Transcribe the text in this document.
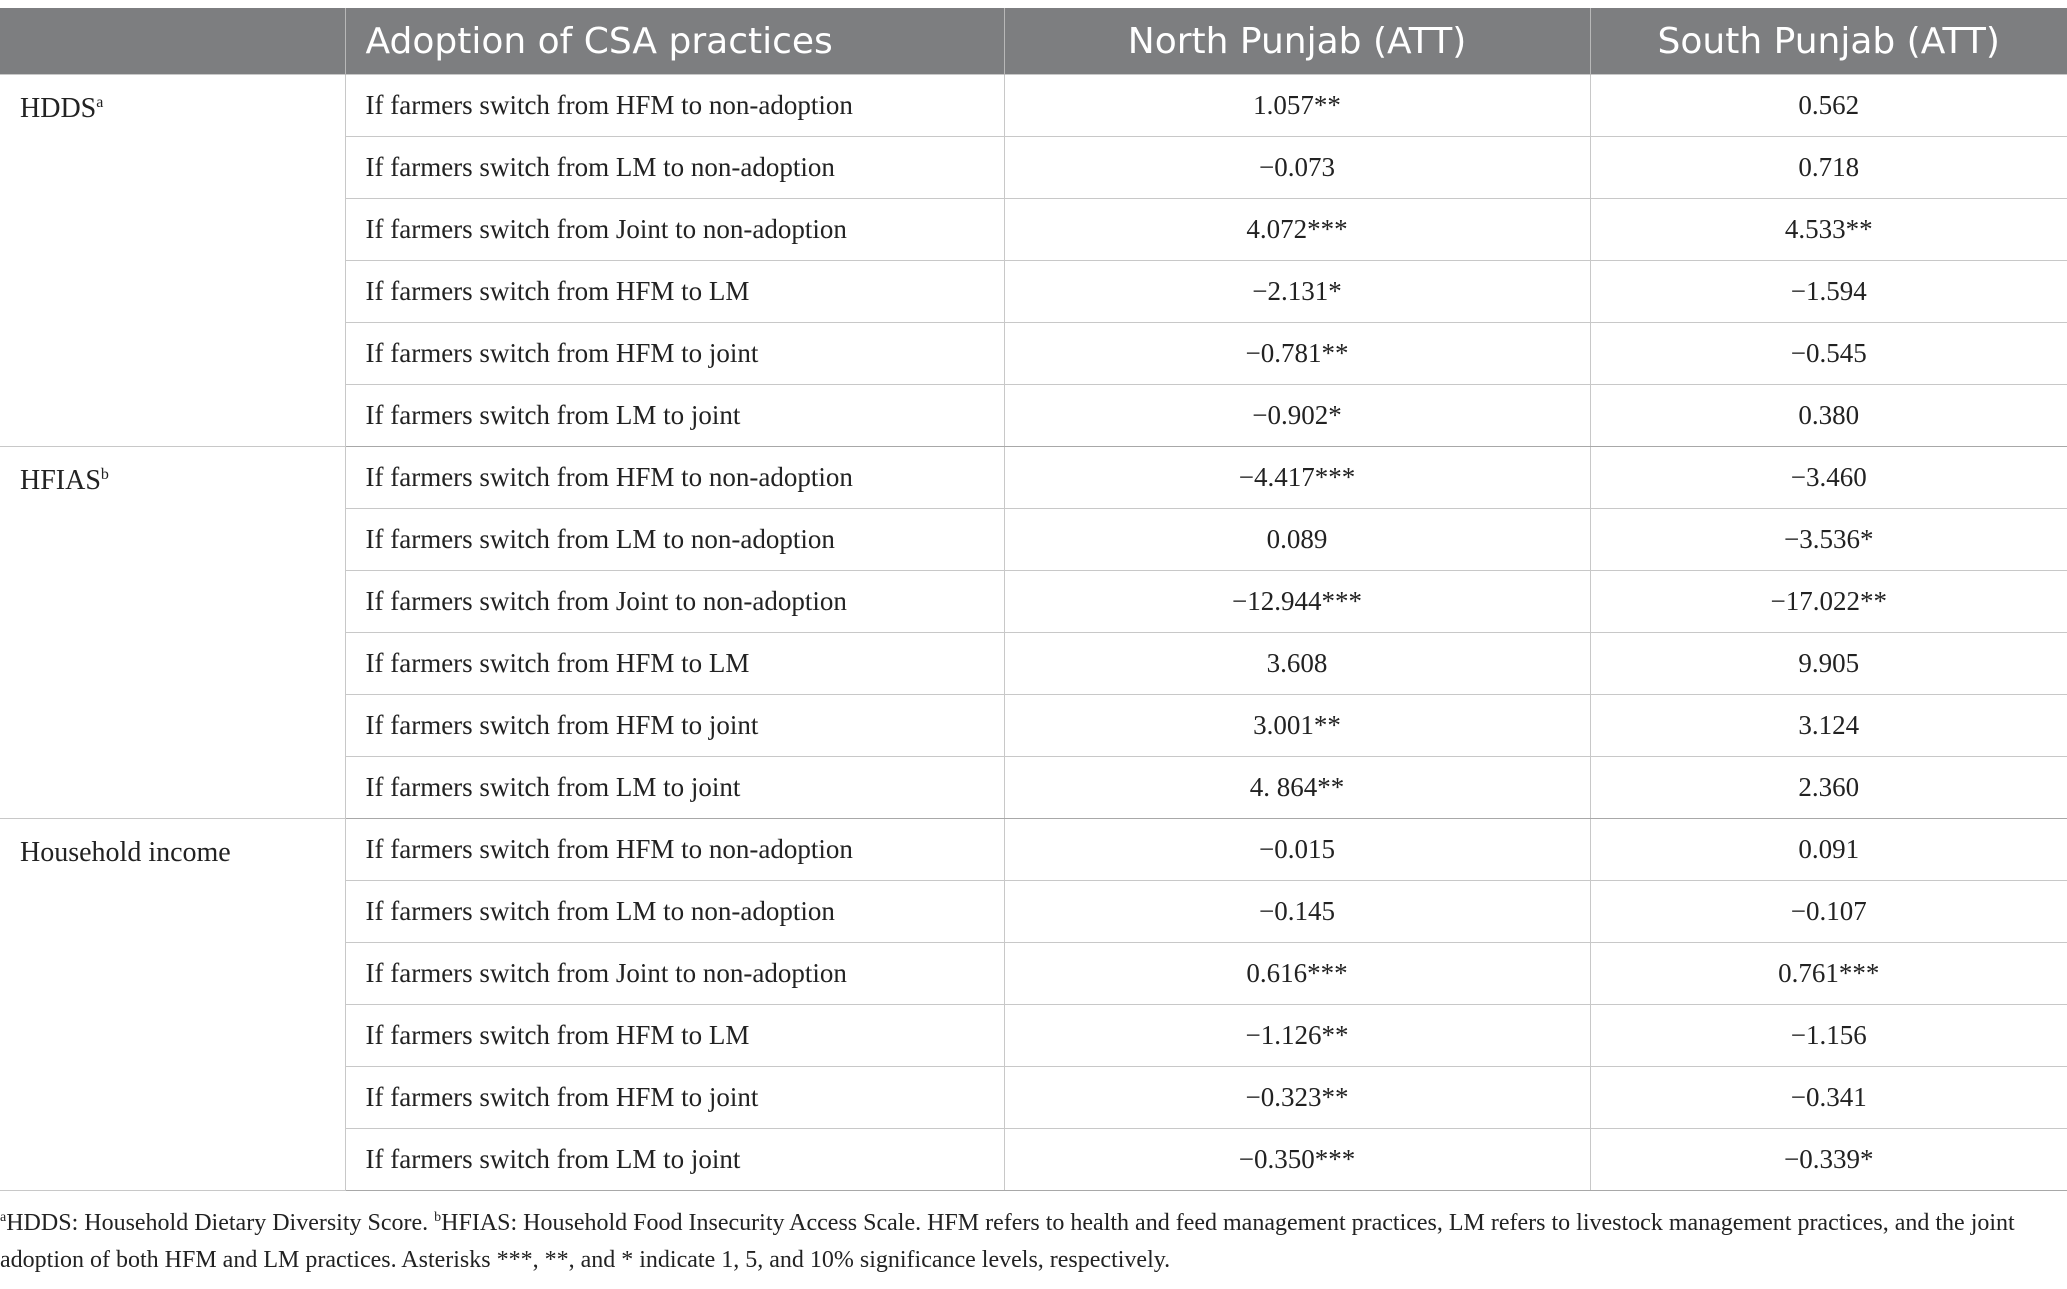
	Adoption of CSA practices	North Punjab (ATT)	South Punjab (ATT)
HDDS$^a$	If farmers switch from HFM to non-adoption	1.057**	0.562
	If farmers switch from LM to non-adoption	−0.073	0.718
	If farmers switch from Joint to non-adoption	4.072***	4.533**
	If farmers switch from HFM to LM	−2.131*	−1.594
	If farmers switch from HFM to joint	−0.781**	−0.545
	If farmers switch from LM to joint	−0.902*	0.380
HFIAS$^b$	If farmers switch from HFM to non-adoption	−4.417***	−3.460
	If farmers switch from LM to non-adoption	0.089	−3.536*
	If farmers switch from Joint to non-adoption	−12.944***	−17.022**
	If farmers switch from HFM to LM	3.608	9.905
	If farmers switch from HFM to joint	3.001**	3.124
	If farmers switch from LM to joint	4. 864**	2.360
Household income	If farmers switch from HFM to non-adoption	−0.015	0.091
	If farmers switch from LM to non-adoption	−0.145	−0.107
	If farmers switch from Joint to non-adoption	0.616***	0.761***
	If farmers switch from HFM to LM	−1.126**	−1.156
	If farmers switch from HFM to joint	−0.323**	−0.341
	If farmers switch from LM to joint	−0.350***	−0.339*
$^a$HDDS: Household Dietary Diversity Score. $^b$HFIAS: Household Food Insecurity Access Scale. HFM refers to health and feed management practices, LM refers to livestock management practices, and the joint adoption of both HFM and LM practices. Asterisks ***, **, and * indicate 1, 5, and 10% significance levels, respectively.
